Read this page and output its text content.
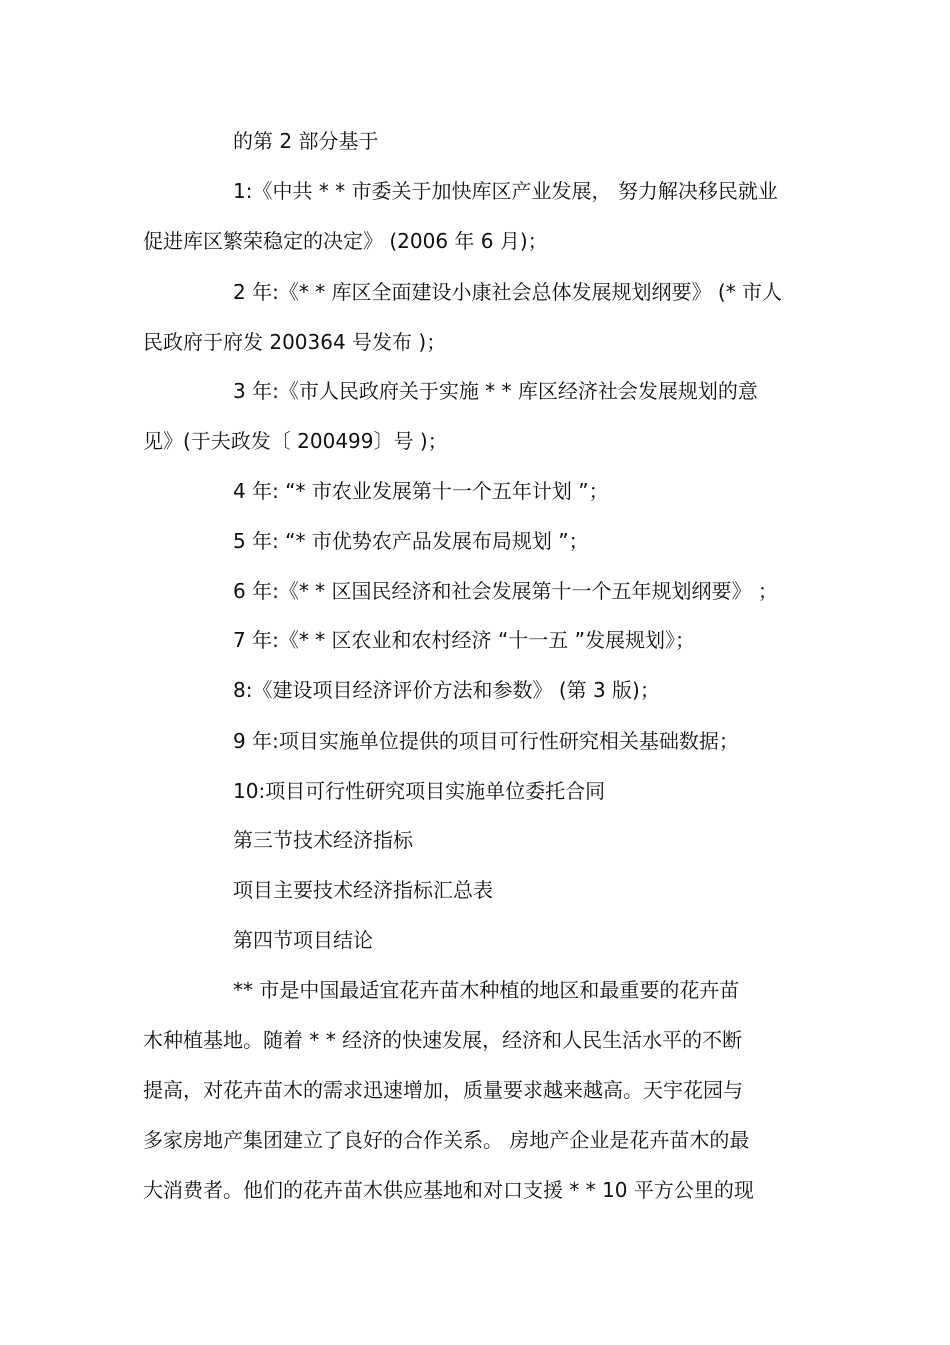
的第 2 部分基于
1:《中共 * * 市委关于加快库区产业发展， 努力解决移民就业
促进库区繁荣稳定的决定》 (2006 年 6 月)；
2 年:《* * 库区全面建设小康社会总体发展规划纲要》 (* 市人
民政府于府发 200364 号发布 )；
3 年:《市人民政府关于实施 * * 库区经济社会发展规划的意
见》(于夫政发〔 200499〕号 )；
4 年: “* 市农业发展第十一个五年计划 ”；
5 年: “* 市优势农产品发展布局规划 ”；
6 年:《* * 区国民经济和社会发展第十一个五年规划纲要》 ；
7 年:《* * 区农业和农村经济 “十一五 ”发展规划》；
8:《建设项目经济评价方法和参数》 (第 3 版)；
9 年:项目实施单位提供的项目可行性研究相关基础数据；
10:项目可行性研究项目实施单位委托合同
第三节技术经济指标
项目主要技术经济指标汇总表
第四节项目结论
** 市是中国最适宜花卉苗木种植的地区和最重要的花卉苗
木种植基地。随着 * * 经济的快速发展，经济和人民生活水平的不断
提高，对花卉苗木的需求迅速增加，质量要求越来越高。天宇花园与
多家房地产集团建立了良好的合作关系。 房地产企业是花卉苗木的最
大消费者。他们的花卉苗木供应基地和对口支援 * * 10 平方公里的现
